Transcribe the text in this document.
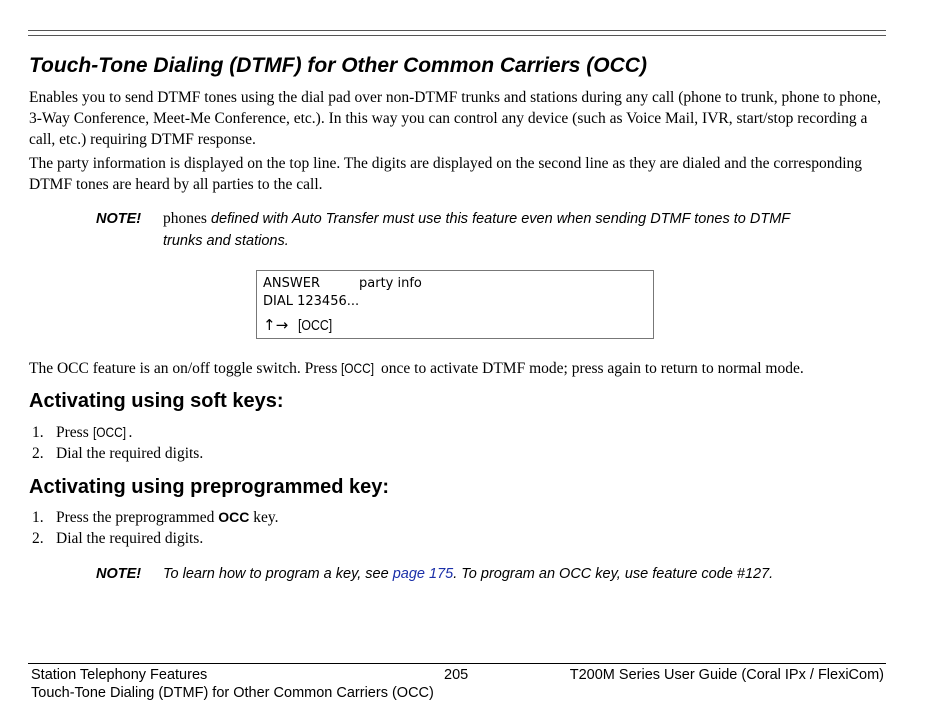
Touch-Tone Dialing (DTMF) for Other Common Carriers (OCC)
Enables you to send DTMF tones using the dial pad over non-DTMF trunks and stations during any call (phone to trunk, phone to phone, 3-Way Conference, Meet-Me Conference, etc.). In this way you can control any device (such as Voice Mail, IVR, start/stop recording a call, etc.) requiring DTMF response.
The party information is displayed on the top line. The digits are displayed on the second line as they are dialed and the corresponding DTMF tones are heard by all parties to the call.
NOTE! phones defined with Auto Transfer must use this feature even when sending DTMF tones to DTMF trunks and stations.
ANSWER	party info
DIAL 123456...
↑→ [OCC]
The OCC feature is an on/off toggle switch. Press [OCC] once to activate DTMF mode; press again to return to normal mode.
Activating using soft keys:
1. Press [OCC] .
2. Dial the required digits.
Activating using preprogrammed key:
1. Press the preprogrammed OCC key.
2. Dial the required digits.
NOTE! To learn how to program a key, see page 175. To program an OCC key, use feature code #127.
Station Telephony Features	205	T200M Series User Guide (Coral IPx / FlexiCom)
Touch-Tone Dialing (DTMF) for Other Common Carriers (OCC)
